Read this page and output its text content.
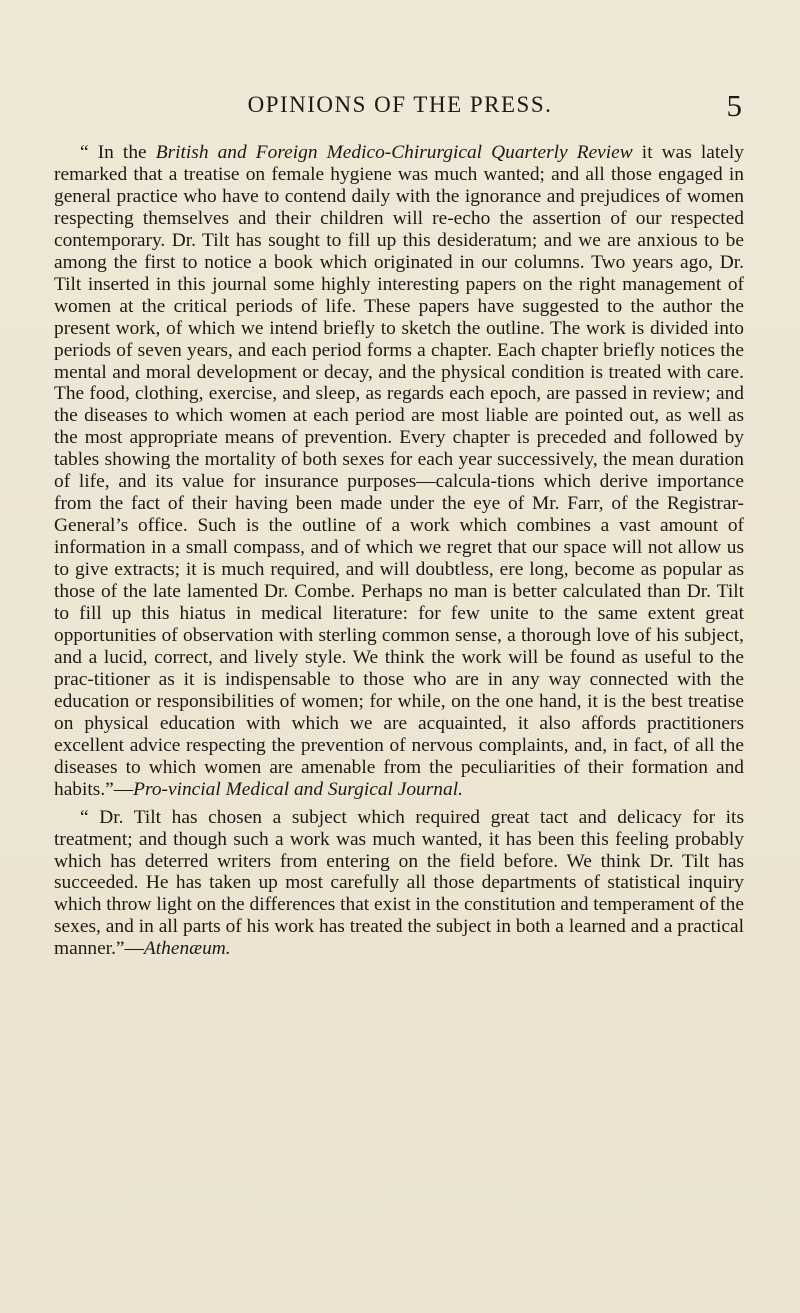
OPINIONS OF THE PRESS.	5

“ In the British and Foreign Medico-Chirurgical Quarterly Review it was lately remarked that a treatise on female hygiene was much wanted; and all those engaged in general practice who have to contend daily with the ignorance and prejudices of women respecting themselves and their children will re-echo the assertion of our respected contemporary. Dr. Tilt has sought to fill up this desideratum; and we are anxious to be among the first to notice a book which originated in our columns. Two years ago, Dr. Tilt inserted in this journal some highly interesting papers on the right management of women at the critical periods of life. These papers have suggested to the author the present work, of which we intend briefly to sketch the outline. The work is divided into periods of seven years, and each period forms a chapter. Each chapter briefly notices the mental and moral development or decay, and the physical condition is treated with care. The food, clothing, exercise, and sleep, as regards each epoch, are passed in review; and the diseases to which women at each period are most liable are pointed out, as well as the most appropriate means of prevention. Every chapter is preceded and followed by tables showing the mortality of both sexes for each year successively, the mean duration of life, and its value for insurance purposes—calcula-tions which derive importance from the fact of their having been made under the eye of Mr. Farr, of the Registrar-General’s office. Such is the outline of a work which combines a vast amount of information in a small compass, and of which we regret that our space will not allow us to give extracts; it is much required, and will doubtless, ere long, become as popular as those of the late lamented Dr. Combe. Perhaps no man is better calculated than Dr. Tilt to fill up this hiatus in medical literature: for few unite to the same extent great opportunities of observation with sterling common sense, a thorough love of his subject, and a lucid, correct, and lively style. We think the work will be found as useful to the prac-titioner as it is indispensable to those who are in any way connected with the education or responsibilities of women; for while, on the one hand, it is the best treatise on physical education with which we are acquainted, it also affords practitioners excellent advice respecting the prevention of nervous complaints, and, in fact, of all the diseases to which women are amenable from the peculiarities of their formation and habits.”—Pro-vincial Medical and Surgical Journal.

“ Dr. Tilt has chosen a subject which required great tact and delicacy for its treatment; and though such a work was much wanted, it has been this feeling probably which has deterred writers from entering on the field before. We think Dr. Tilt has succeeded. He has taken up most carefully all those departments of statistical inquiry which throw light on the differences that exist in the constitution and temperament of the sexes, and in all parts of his work has treated the subject in both a learned and a practical manner.”—Athenæum.
